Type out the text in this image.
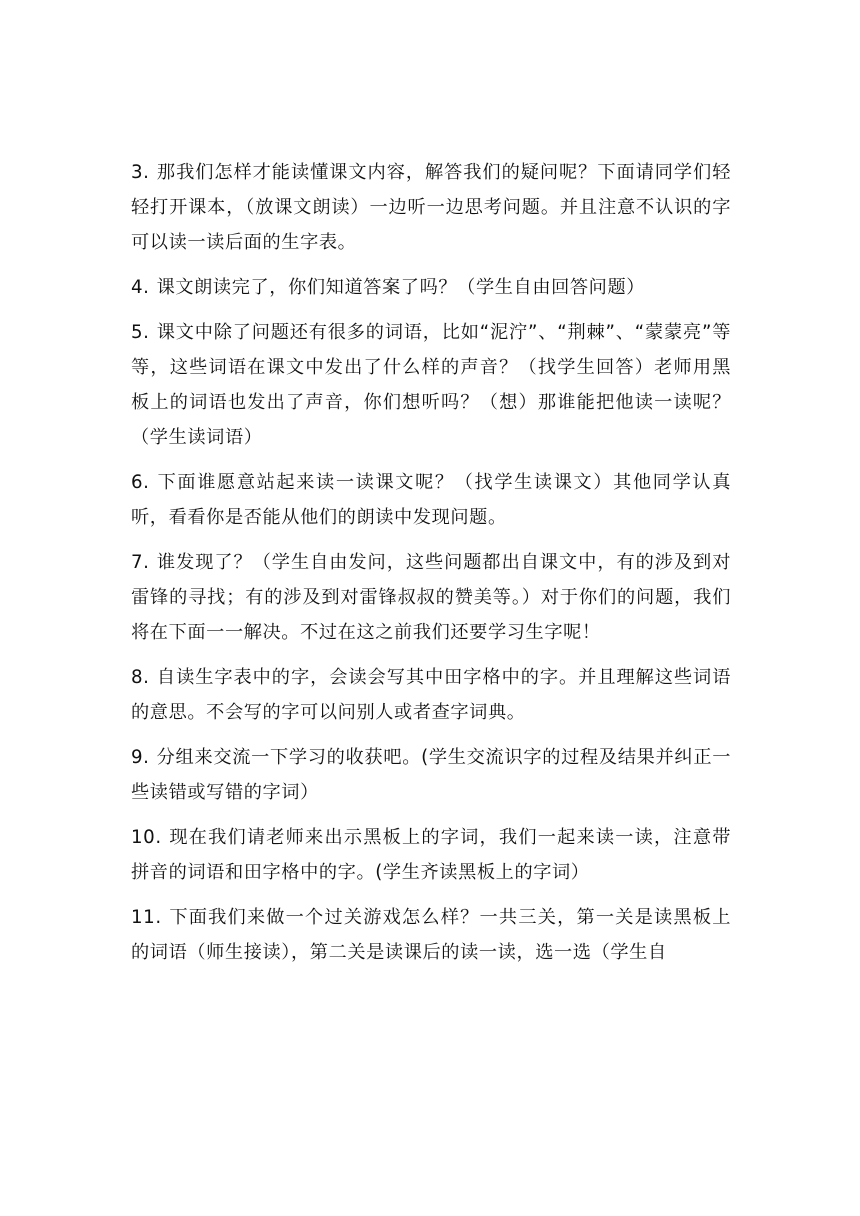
3. 那我们怎样才能读懂课文内容，解答我们的疑问呢？下面请同学们轻轻打开课本，（放课文朗读）一边听一边思考问题。并且注意不认识的字可以读一读后面的生字表。

4. 课文朗读完了，你们知道答案了吗？（学生自由回答问题）

5. 课文中除了问题还有很多的词语，比如“泥泞”、“荆棘”、“蒙蒙亮”等等，这些词语在课文中发出了什么样的声音？（找学生回答）老师用黑板上的词语也发出了声音，你们想听吗？（想）那谁能把他读一读呢？（学生读词语）

6. 下面谁愿意站起来读一读课文呢？（找学生读课文）其他同学认真听，看看你是否能从他们的朗读中发现问题。

7. 谁发现了？（学生自由发问，这些问题都出自课文中，有的涉及到对雷锋的寻找；有的涉及到对雷锋叔叔的赞美等。）对于你们的问题，我们将在下面一一解决。不过在这之前我们还要学习生字呢！

8. 自读生字表中的字，会读会写其中田字格中的字。并且理解这些词语的意思。不会写的字可以问别人或者查字词典。

9. 分组来交流一下学习的收获吧。(学生交流识字的过程及结果并纠正一些读错或写错的字词）

10. 现在我们请老师来出示黑板上的字词，我们一起来读一读，注意带拼音的词语和田字格中的字。(学生齐读黑板上的字词）

11. 下面我们来做一个过关游戏怎么样？一共三关，第一关是读黑板上的词语（师生接读），第二关是读课后的读一读，选一选（学生自
